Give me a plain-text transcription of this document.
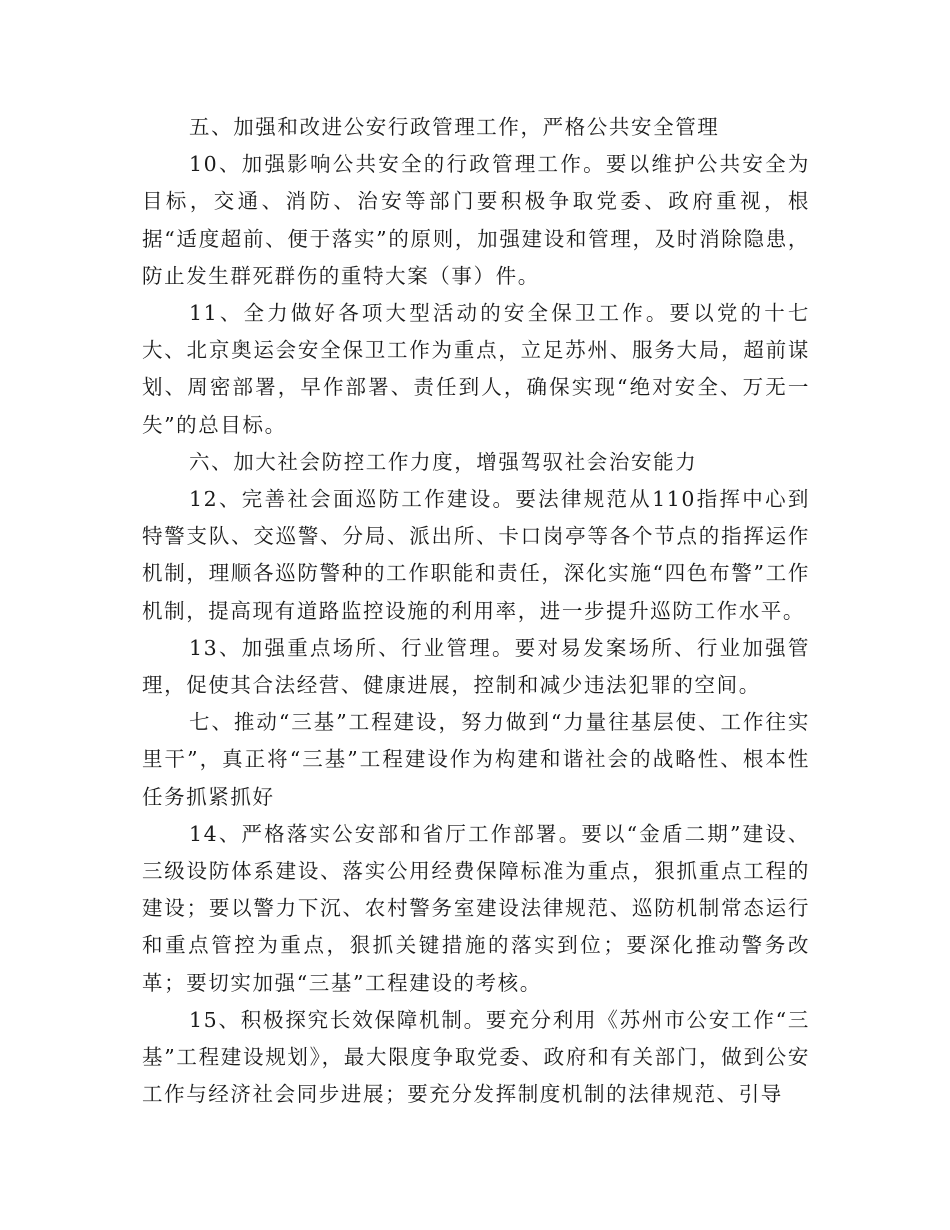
五、加强和改进公安行政管理工作，严格公共安全管理

10、加强影响公共安全的行政管理工作。要以维护公共安全为目标，交通、消防、治安等部门要积极争取党委、政府重视，根据“适度超前、便于落实”的原则，加强建设和管理，及时消除隐患，防止发生群死群伤的重特大案（事）件。

11、全力做好各项大型活动的安全保卫工作。要以党的十七大、北京奥运会安全保卫工作为重点，立足苏州、服务大局，超前谋划、周密部署，早作部署、责任到人，确保实现“绝对安全、万无一失”的总目标。

六、加大社会防控工作力度，增强驾驭社会治安能力

12、完善社会面巡防工作建设。要法律规范从110指挥中心到特警支队、交巡警、分局、派出所、卡口岗亭等各个节点的指挥运作机制，理顺各巡防警种的工作职能和责任，深化实施“四色布警”工作机制，提高现有道路监控设施的利用率，进一步提升巡防工作水平。

13、加强重点场所、行业管理。要对易发案场所、行业加强管理，促使其合法经营、健康进展，控制和减少违法犯罪的空间。

七、推动“三基”工程建设，努力做到“力量往基层使、工作往实里干”，真正将“三基”工程建设作为构建和谐社会的战略性、根本性任务抓紧抓好

14、严格落实公安部和省厅工作部署。要以“金盾二期”建设、三级设防体系建设、落实公用经费保障标准为重点，狠抓重点工程的建设；要以警力下沉、农村警务室建设法律规范、巡防机制常态运行和重点管控为重点，狠抓关键措施的落实到位；要深化推动警务改革；要切实加强“三基”工程建设的考核。

15、积极探究长效保障机制。要充分利用《苏州市公安工作“三基”工程建设规划》，最大限度争取党委、政府和有关部门，做到公安工作与经济社会同步进展；要充分发挥制度机制的法律规范、引导
